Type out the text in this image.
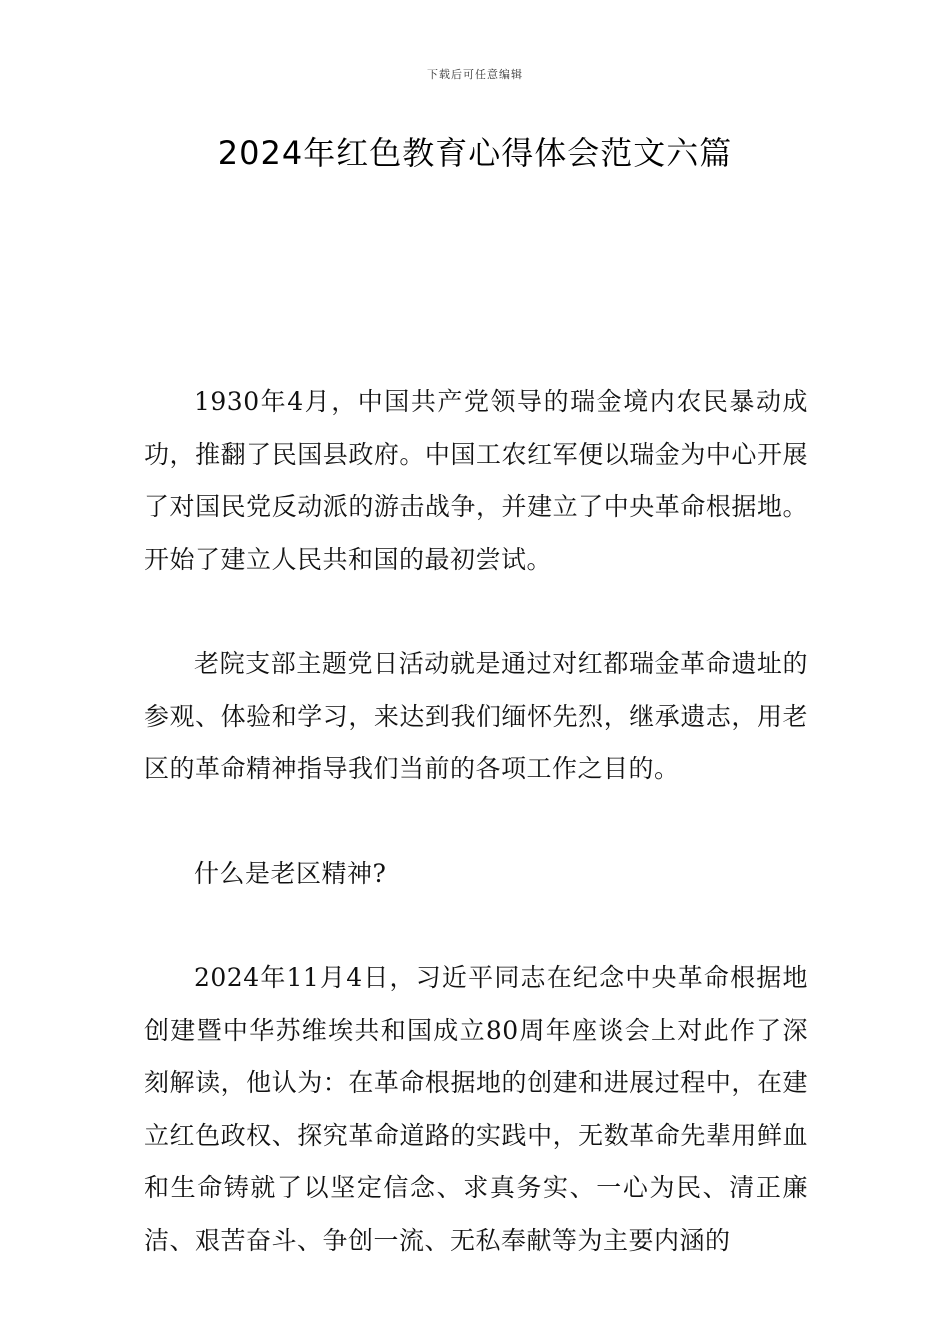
下载后可任意编辑
2024年红色教育心得体会范文六篇

1930年4月，中国共产党领导的瑞金境内农民暴动成功，推翻了民国县政府。中国工农红军便以瑞金为中心开展了对国民党反动派的游击战争，并建立了中央革命根据地。开始了建立人民共和国的最初尝试。

老院支部主题党日活动就是通过对红都瑞金革命遗址的参观、体验和学习，来达到我们缅怀先烈，继承遗志，用老区的革命精神指导我们当前的各项工作之目的。

什么是老区精神?

2024年11月4日，习近平同志在纪念中央革命根据地创建暨中华苏维埃共和国成立80周年座谈会上对此作了深刻解读，他认为：在革命根据地的创建和进展过程中，在建立红色政权、探究革命道路的实践中，无数革命先辈用鲜血和生命铸就了以坚定信念、求真务实、一心为民、清正廉洁、艰苦奋斗、争创一流、无私奉献等为主要内涵的
